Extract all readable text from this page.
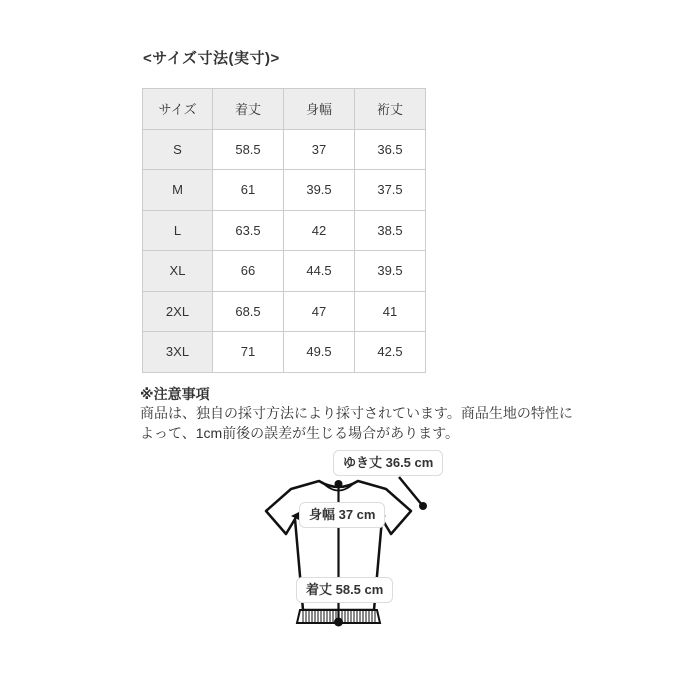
<サイズ寸法(実寸)>
サイズ	着丈	身幅	裄丈
S	58.5	37	36.5
M	61	39.5	37.5
L	63.5	42	38.5
XL	66	44.5	39.5
2XL	68.5	47	41
3XL	71	49.5	42.5
※注意事項
商品は、独自の採寸方法により採寸されています。商品生地の特性に
よって、1cm前後の誤差が生じる場合があります。
ゆき丈 36.5 cm
身幅 37 cm
着丈 58.5 cm
